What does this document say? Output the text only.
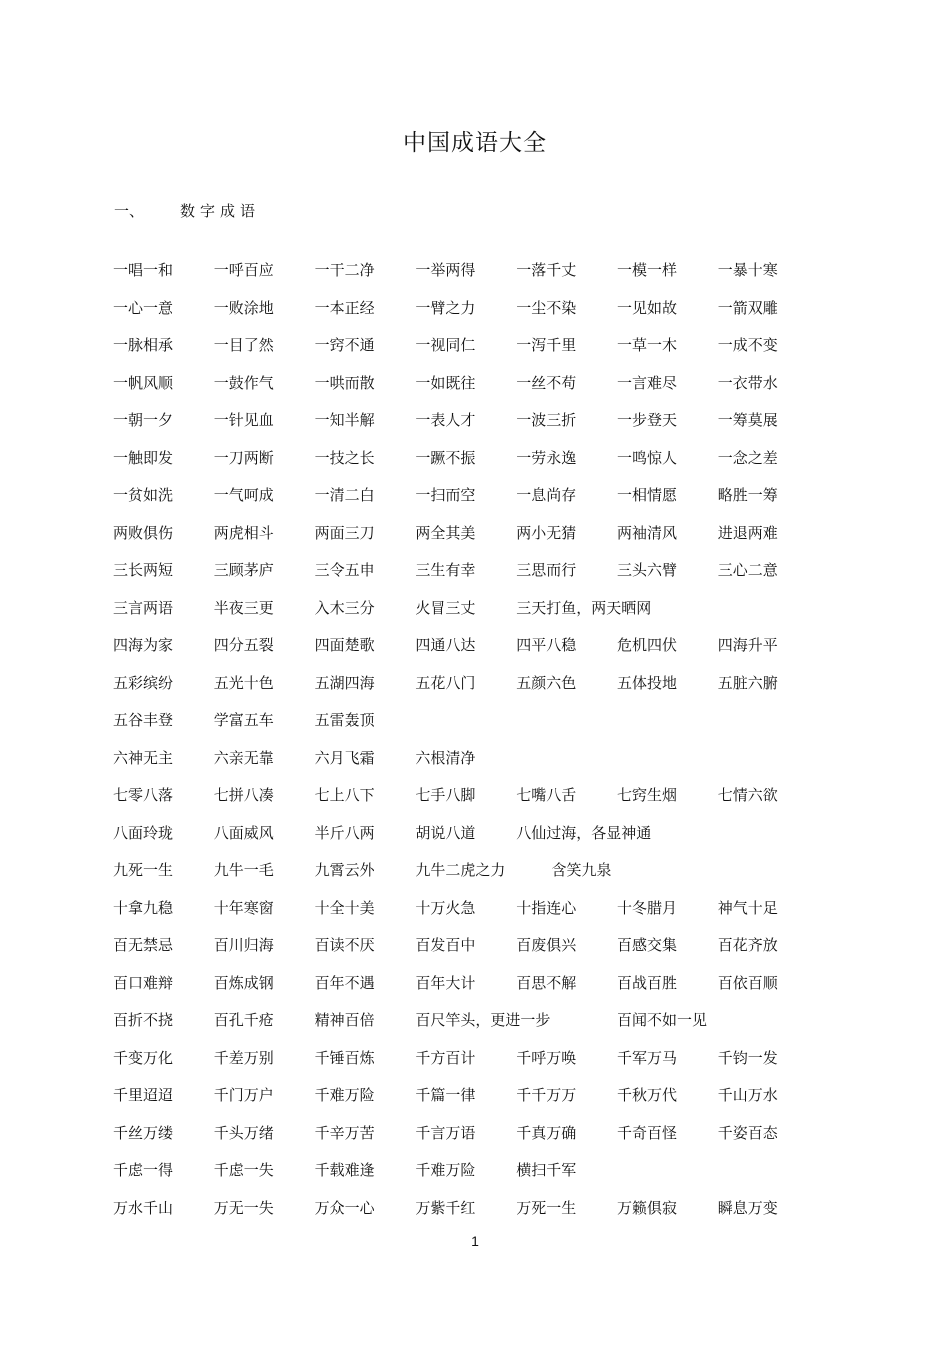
中国成语大全
一、 数字成语
一唱一和	一呼百应	一干二净	一举两得	一落千丈	一模一样	一暴十寒
一心一意	一败涂地	一本正经	一臂之力	一尘不染	一见如故	一箭双雕
一脉相承	一目了然	一窍不通	一视同仁	一泻千里	一草一木	一成不变
一帆风顺	一鼓作气	一哄而散	一如既往	一丝不苟	一言难尽	一衣带水
一朝一夕	一针见血	一知半解	一表人才	一波三折	一步登天	一筹莫展
一触即发	一刀两断	一技之长	一蹶不振	一劳永逸	一鸣惊人	一念之差
一贫如洗	一气呵成	一清二白	一扫而空	一息尚存	一相情愿	略胜一筹
两败俱伤	两虎相斗	两面三刀	两全其美	两小无猜	两袖清风	进退两难
三长两短	三顾茅庐	三令五申	三生有幸	三思而行	三头六臂	三心二意
三言两语	半夜三更	入木三分	火冒三丈	三天打鱼，两天晒网
四海为家	四分五裂	四面楚歌	四通八达	四平八稳	危机四伏	四海升平
五彩缤纷	五光十色	五湖四海	五花八门	五颜六色	五体投地	五脏六腑
五谷丰登	学富五车	五雷轰顶
六神无主	六亲无靠	六月飞霜	六根清净
七零八落	七拼八凑	七上八下	七手八脚	七嘴八舌	七窍生烟	七情六欲
八面玲珑	八面威风	半斤八两	胡说八道	八仙过海，各显神通
九死一生	九牛一毛	九霄云外	九牛二虎之力	含笑九泉
十拿九稳	十年寒窗	十全十美	十万火急	十指连心	十冬腊月	神气十足
百无禁忌	百川归海	百读不厌	百发百中	百废俱兴	百感交集	百花齐放
百口难辩	百炼成钢	百年不遇	百年大计	百思不解	百战百胜	百依百顺
百折不挠	百孔千疮	精神百倍	百尺竿头，更进一步	百闻不如一见
千变万化	千差万别	千锤百炼	千方百计	千呼万唤	千军万马	千钧一发
千里迢迢	千门万户	千难万险	千篇一律	千千万万	千秋万代	千山万水
千丝万缕	千头万绪	千辛万苦	千言万语	千真万确	千奇百怪	千姿百态
千虑一得	千虑一失	千载难逢	千难万险	横扫千军
万水千山	万无一失	万众一心	万紫千红	万死一生	万籁俱寂	瞬息万变
1
